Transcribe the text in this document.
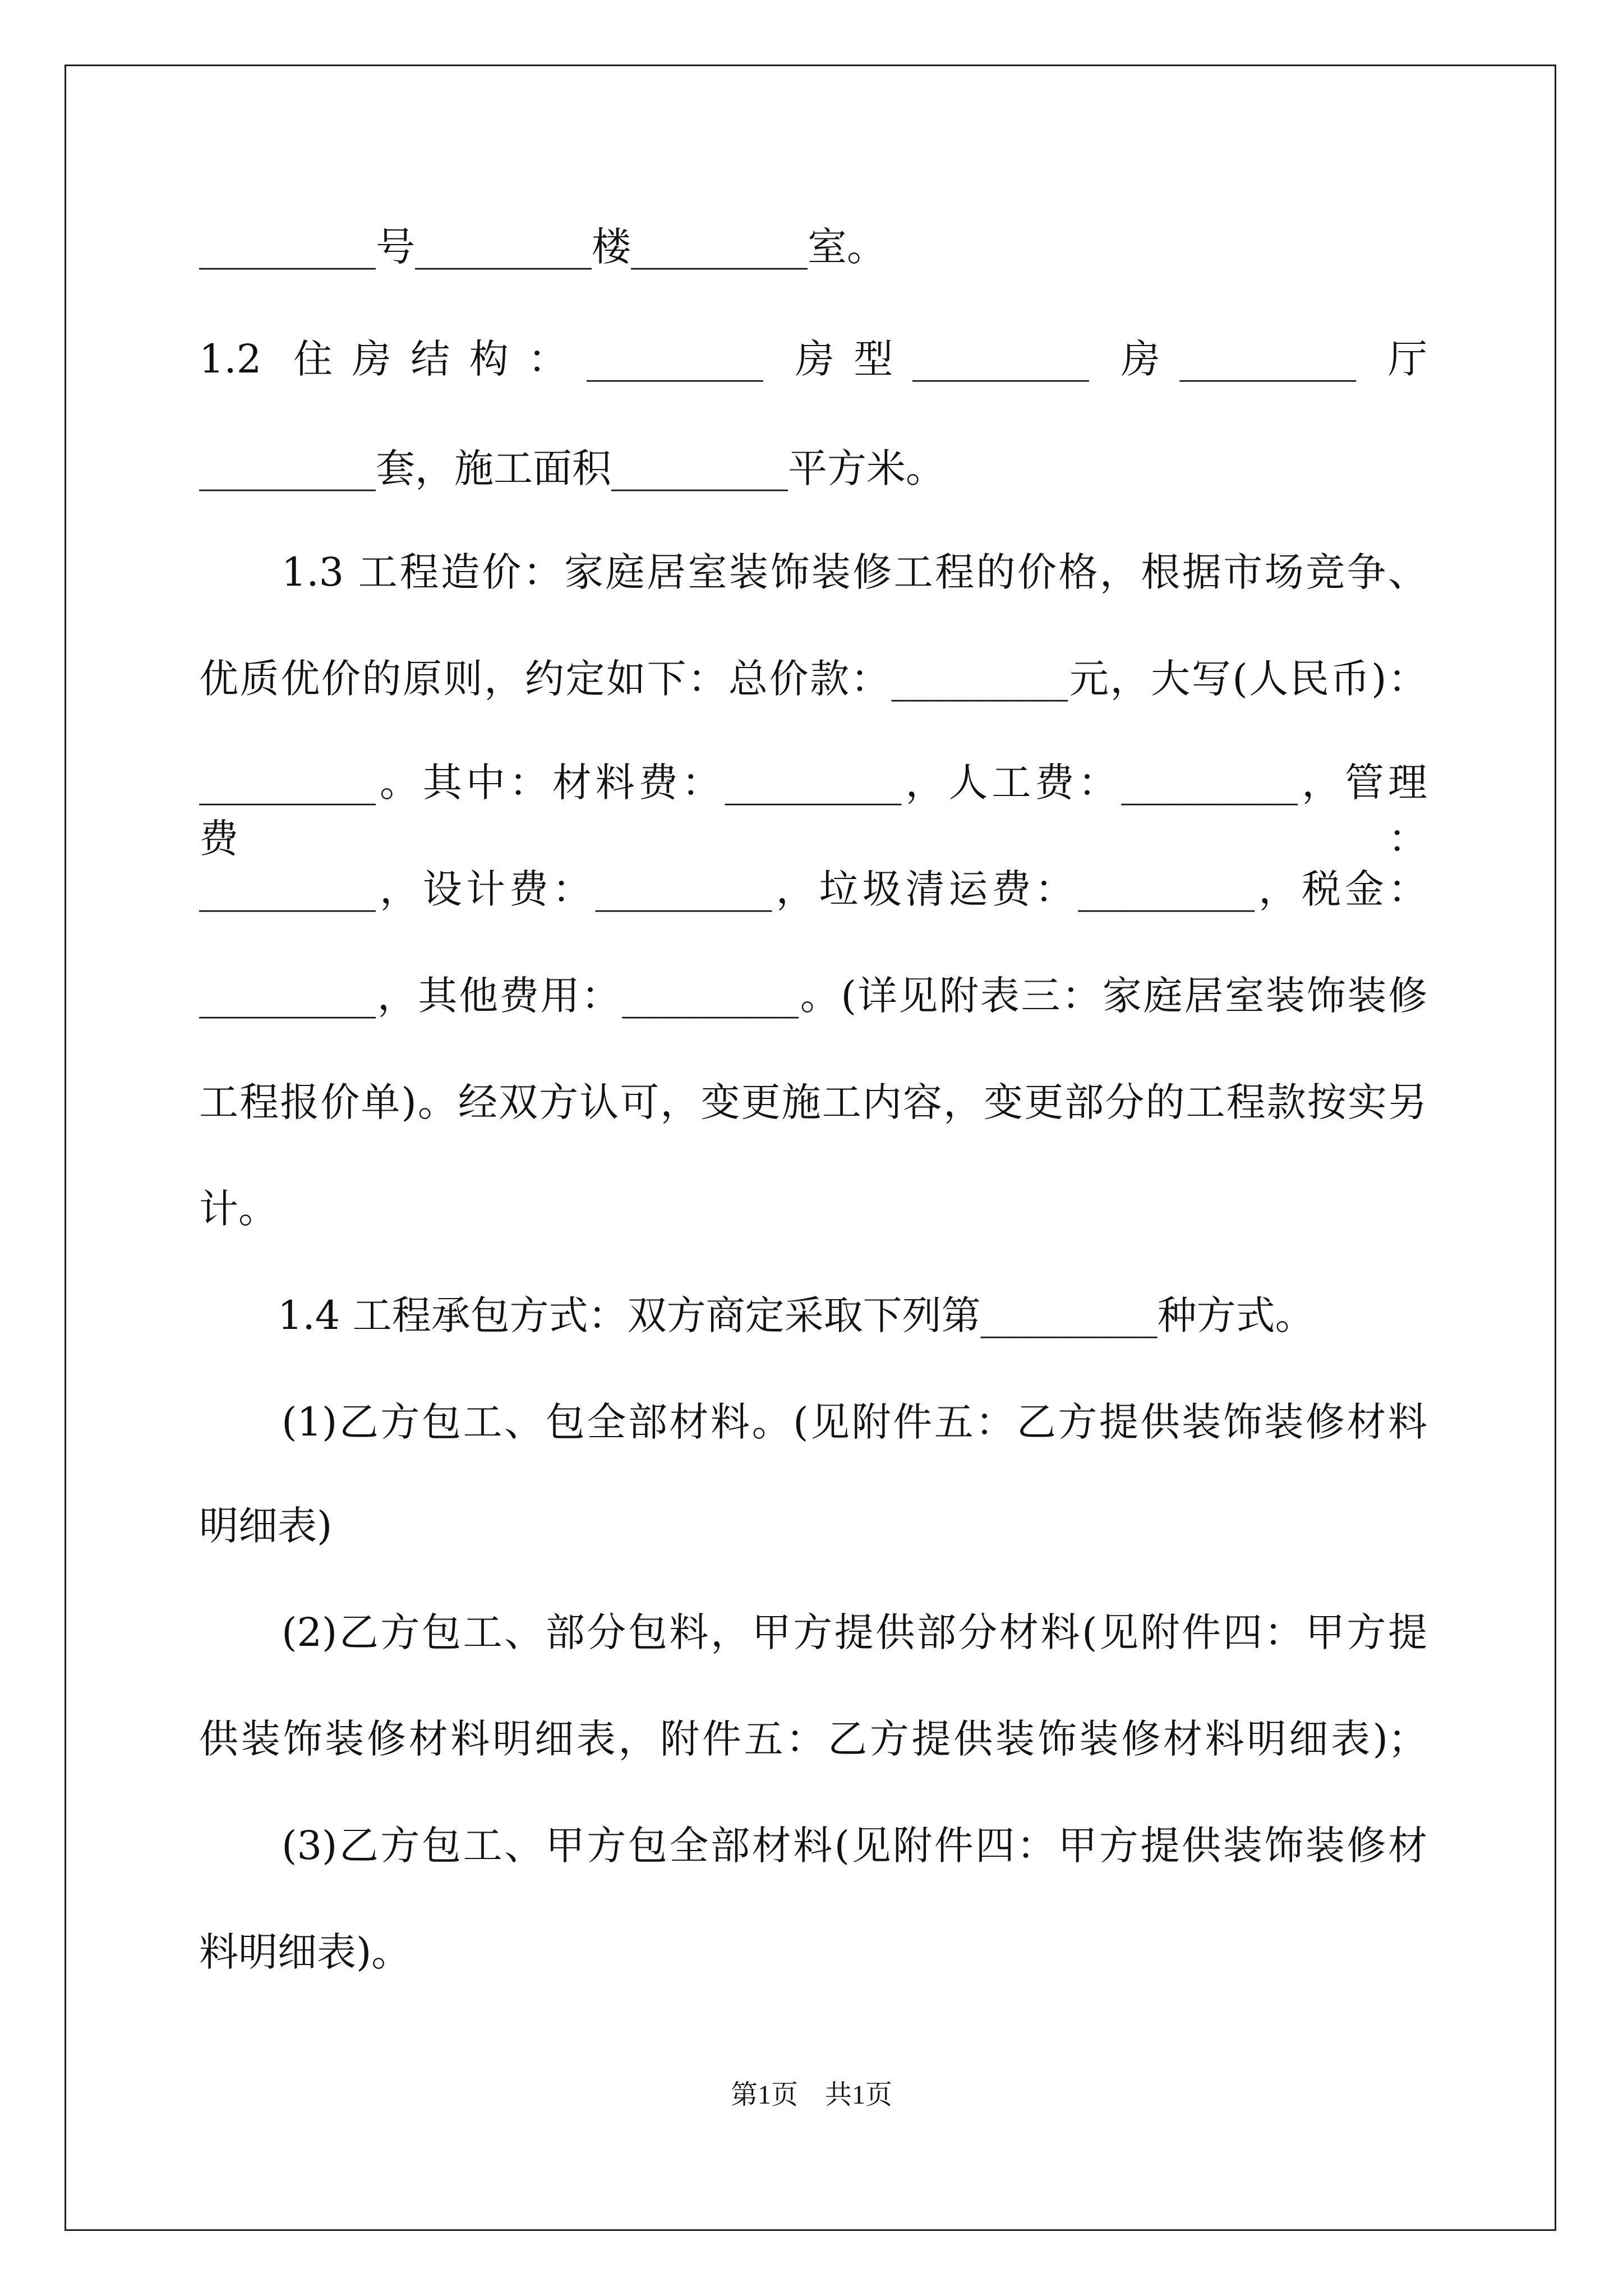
_________号_________楼_________室。
1.2 住房结构：_________ 房型_________ 房_________ 厅
_________套，施工面积_________平方米。
　　1.3 工程造价：家庭居室装饰装修工程的价格，根据市场竞争、
优质优价的原则，约定如下：总价款：_________元，大写(人民币)：
_________。其中：材料费：_________，人工费：_________，管理费：
_________，设计费：_________，垃圾清运费：_________，税金：
_________，其他费用：_________。(详见附表三：家庭居室装饰装修
工程报价单)。经双方认可，变更施工内容，变更部分的工程款按实另
计。
　　1.4 工程承包方式：双方商定采取下列第_________种方式。
　　(1)乙方包工、包全部材料。(见附件五：乙方提供装饰装修材料
明细表)
　　(2)乙方包工、部分包料，甲方提供部分材料(见附件四：甲方提
供装饰装修材料明细表，附件五：乙方提供装饰装修材料明细表)；
　　(3)乙方包工、甲方包全部材料(见附件四：甲方提供装饰装修材
料明细表)。
第1页　共1页
